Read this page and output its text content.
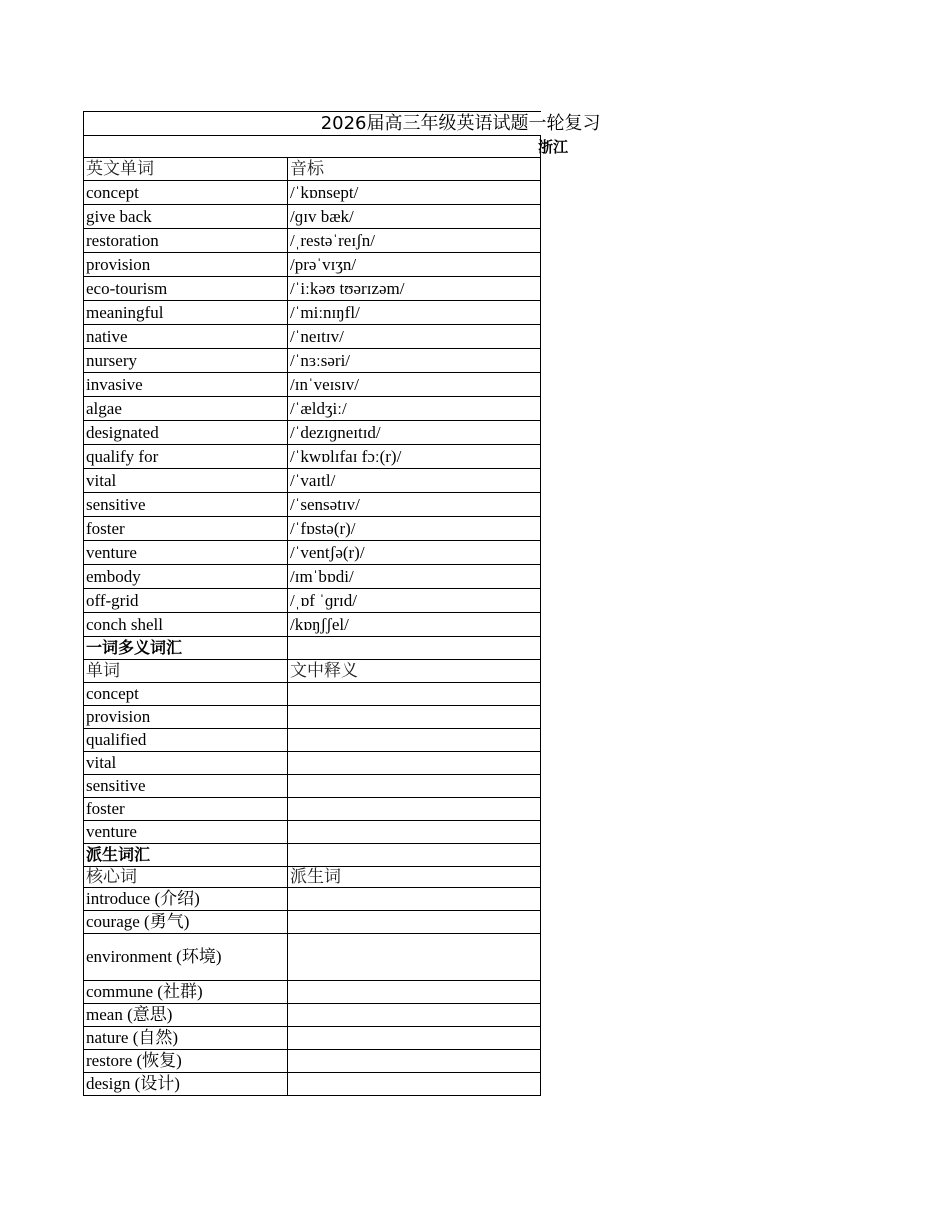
2026届高三年级英语试题一轮复习	
浙江	
英文单词	音标
concept	/ˈkɒnsept/
give back	/ɡɪv bæk/
restoration	/ˌrestəˈreɪʃn/
provision	/prəˈvɪʒn/
eco-tourism	/ˈiːkəʊ tʊərɪzəm/
meaningful	/ˈmiːnɪŋfl/
native	/ˈneɪtɪv/
nursery	/ˈnɜːsəri/
invasive	/ɪnˈveɪsɪv/
algae	/ˈældʒiː/
designated	/ˈdezɪɡneɪtɪd/
qualify for	/ˈkwɒlɪfaɪ fɔː(r)/
vital	/ˈvaɪtl/
sensitive	/ˈsensətɪv/
foster	/ˈfɒstə(r)/
venture	/ˈventʃə(r)/
embody	/ɪmˈbɒdi/
off-grid	/ˌɒf ˈɡrɪd/
conch shell	/kɒŋʃʃel/
一词多义词汇	
单词	文中释义
concept	
provision	
qualified	
vital	
sensitive	
foster	
venture	
派生词汇	
核心词	派生词
introduce (介绍)	
courage (勇气)	
environment (环境)	
commune (社群)	
mean (意思)	
nature (自然)	
restore (恢复)	
design (设计)	
